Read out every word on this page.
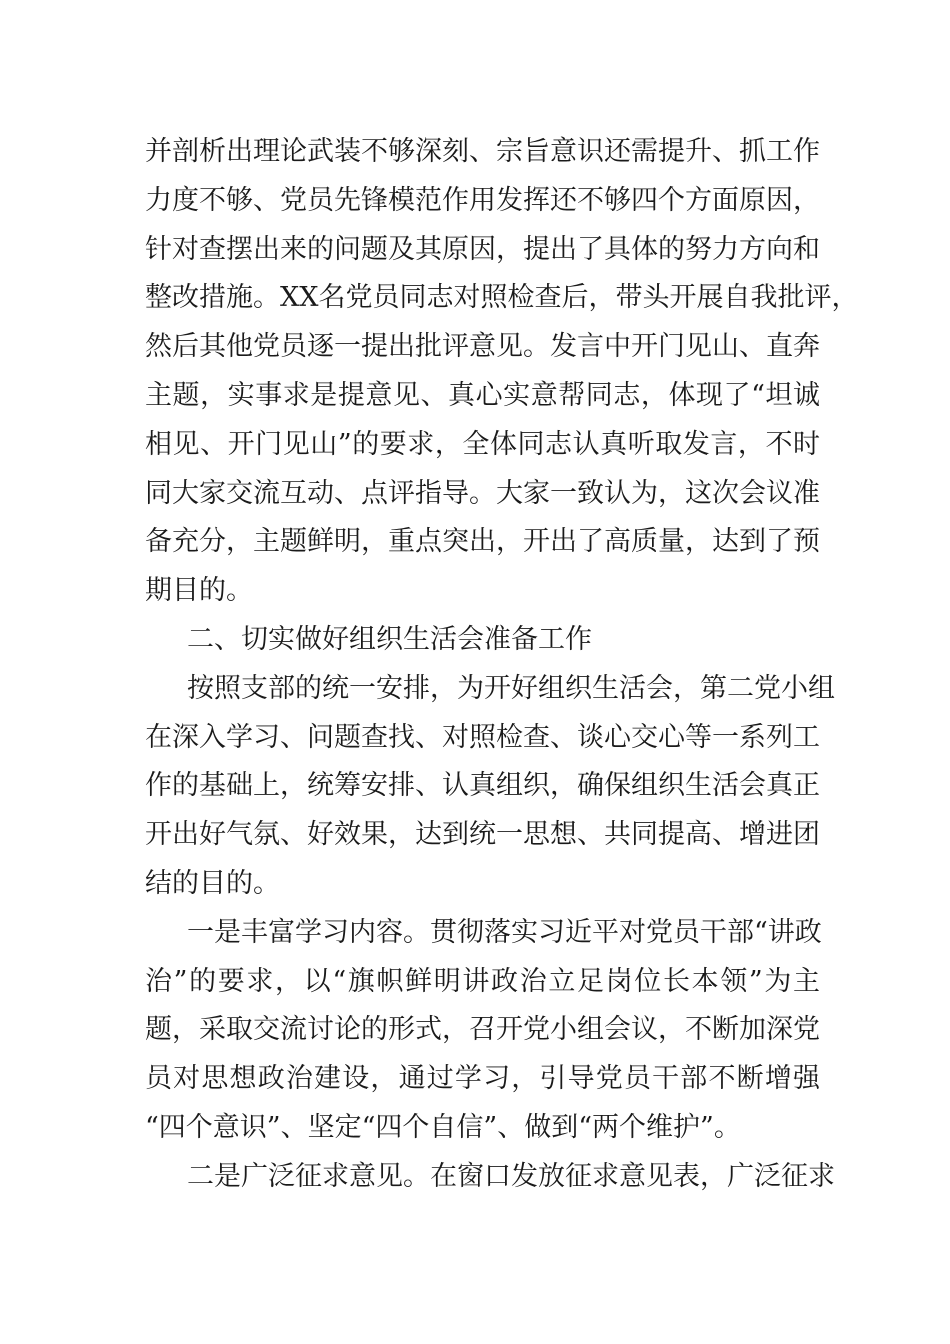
并剖析出理论武装不够深刻、宗旨意识还需提升、抓工作
力度不够、党员先锋模范作用发挥还不够四个方面原因，
针对查摆出来的问题及其原因，提出了具体的努力方向和
整改措施。XX名党员同志对照检查后，带头开展自我批评，
然后其他党员逐一提出批评意见。发言中开门见山、直奔
主题，实事求是提意见、真心实意帮同志，体现了“坦诚
相见、开门见山”的要求，全体同志认真听取发言，不时
同大家交流互动、点评指导。大家一致认为，这次会议准
备充分，主题鲜明，重点突出，开出了高质量，达到了预
期目的。
二、切实做好组织生活会准备工作
按照支部的统一安排，为开好组织生活会，第二党小组
在深入学习、问题查找、对照检查、谈心交心等一系列工
作的基础上，统筹安排、认真组织，确保组织生活会真正
开出好气氛、好效果，达到统一思想、共同提高、增进团
结的目的。
一是丰富学习内容。贯彻落实习近平对党员干部“讲政
治”的要求，以“旗帜鲜明讲政治立足岗位长本领”为主
题，采取交流讨论的形式，召开党小组会议，不断加深党
员对思想政治建设，通过学习，引导党员干部不断增强
“四个意识”、坚定“四个自信”、做到“两个维护”。
二是广泛征求意见。在窗口发放征求意见表，广泛征求
